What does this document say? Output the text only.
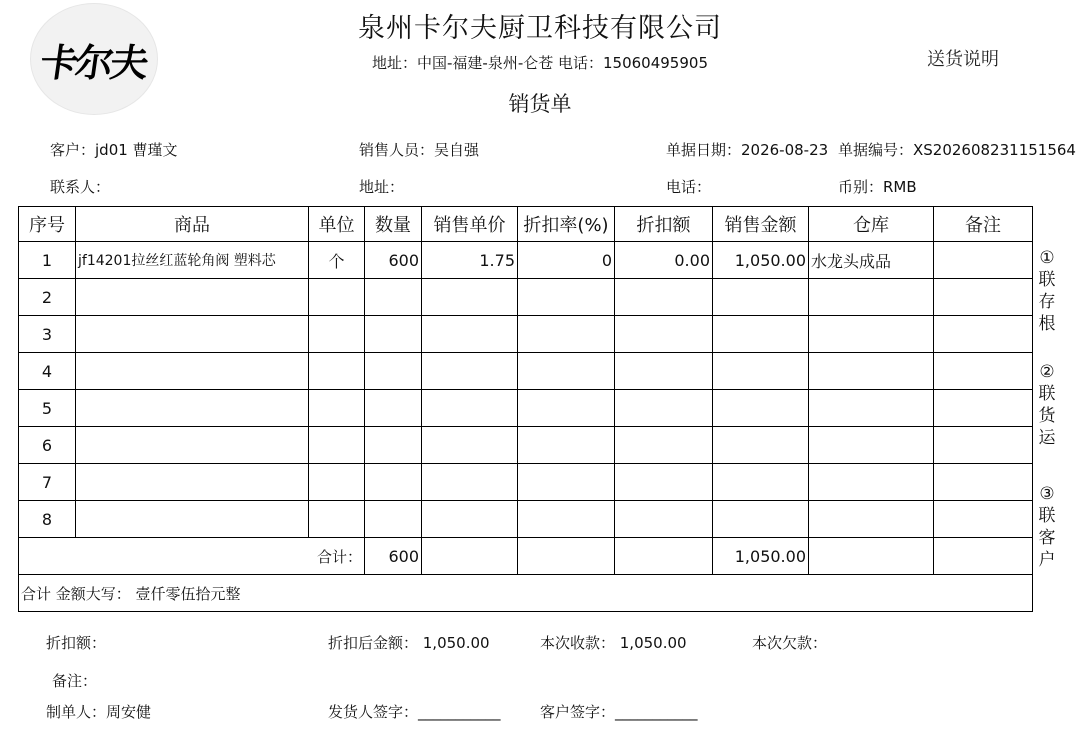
卡尔夫
泉州卡尔夫厨卫科技有限公司
地址：中国-福建-泉州-仑苍 电话：15060495905
销货单
送货说明
客户：jd01 曹瑾文	销售人员：吴自强	单据日期：2026-08-23 单据编号：XS202608231151564
联系人：	地址：	电话：	币别：RMB
序号	商品	单位	数量	销售单价	折扣率(%)	折扣额	销售金额	仓库	备注
1	jf14201拉丝红蓝轮角阀 塑料芯	个	600	1.75	0	0.00	1,050.00	水龙头成品	
2									
3									
4									
5									
6									
7									
8									
合计：			600				1,050.00		
合计 金额大写： 壹仟零伍拾元整									
①
联存根
②
联货运
③
联客户
折扣额：	折扣后金额： 1,050.00	本次收款： 1,050.00	本次欠款：
备注：
制单人：周安健	发货人签字：___________	客户签字：___________
